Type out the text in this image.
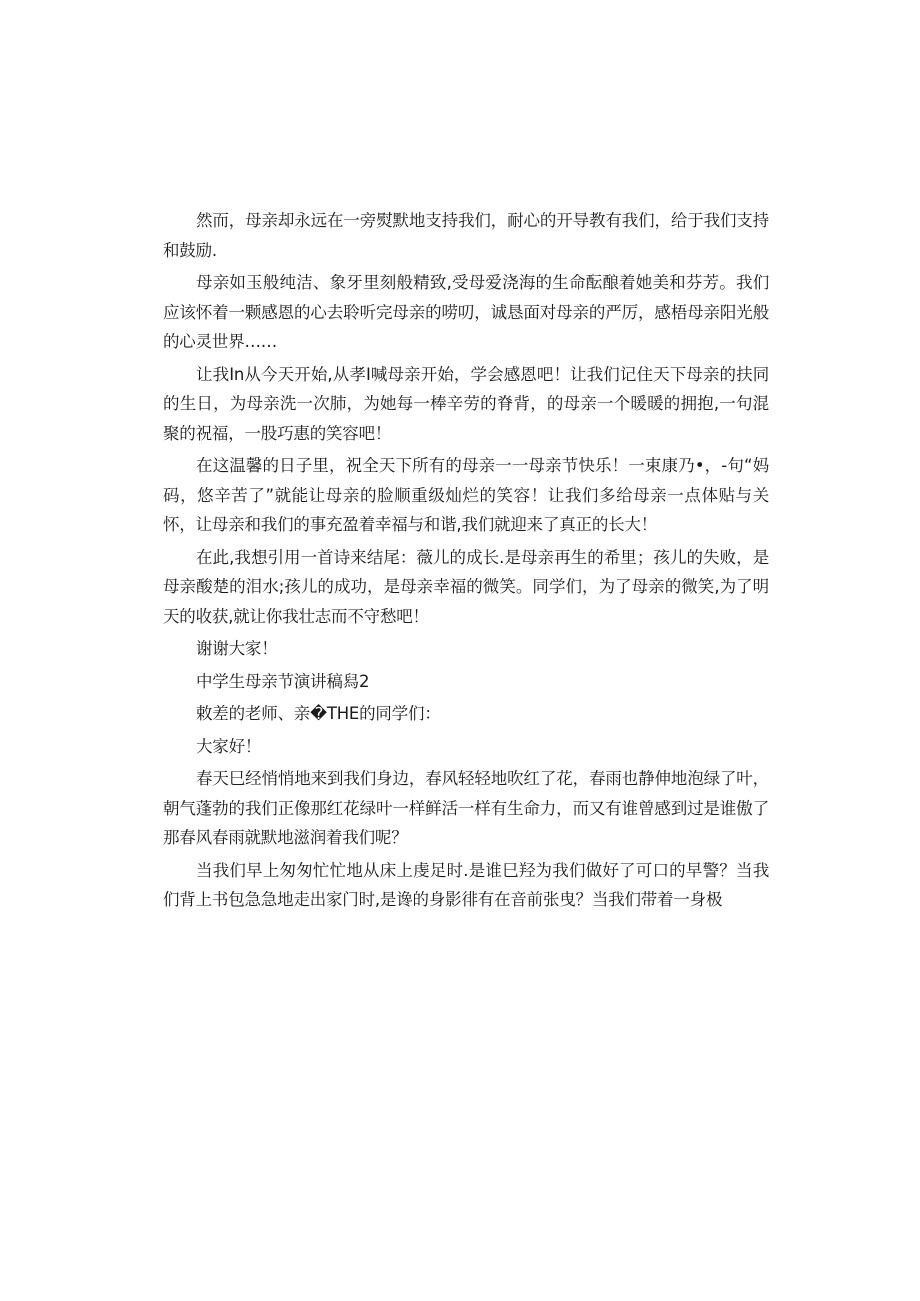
然而，母亲却永远在一旁熨默地支持我们，耐心的开导教有我们，给于我们支持和鼓励.

母亲如玉般纯洁、象牙里刻般精致,受母爱浇海的生命酝酿着她美和芬芳。我们应该怀着一颗感恩的心去聆听完母亲的唠叨，诚恳面对母亲的严厉，感梧母亲阳光般的心灵世界……

让我In从今天开始,从孝I喊母亲开始，学会感恩吧！让我们记住天下母亲的扶同的生日，为母亲洗一次肺，为她每一棒辛劳的脊背，的母亲一个暖暖的拥抱,一句混聚的祝福，一股巧惠的笑容吧！

在这温馨的日子里，祝全天下所有的母亲一一母亲节快乐！一束康乃•，-句“妈码，悠辛苦了”就能让母亲的脸顺重级灿烂的笑容！让我们多给母亲一点体贴与关怀，让母亲和我们的事充盈着幸福与和谐,我们就迎来了真正的长大！

在此,我想引用一首诗来结尾：薇儿的成长.是母亲再生的希里；孩儿的失败，是母亲酸楚的泪水;孩儿的成功，是母亲幸福的微笑。同学们，为了母亲的微笑,为了明天的收获,就让你我壮志而不守愁吧！

谢谢大家！

中学生母亲节演讲稿舄2

敕差的老师、亲�THE的同学们：

大家好！

春天巳经悄悄地来到我们身边，春风轻轻地吹红了花，春雨也静伸地泡绿了叶，朝气蓬勃的我们正像那红花绿叶一样鲜活一样有生命力，而又有谁曾感到过是谁傲了那春风春雨就默地滋润着我们呢？

当我们早上匆匆忙忙地从床上虔足时.是谁巳羟为我们做好了可口的早警？当我们背上书包急急地走出家门时,是谗的身影徘有在音前张曳？当我们带着一身极
